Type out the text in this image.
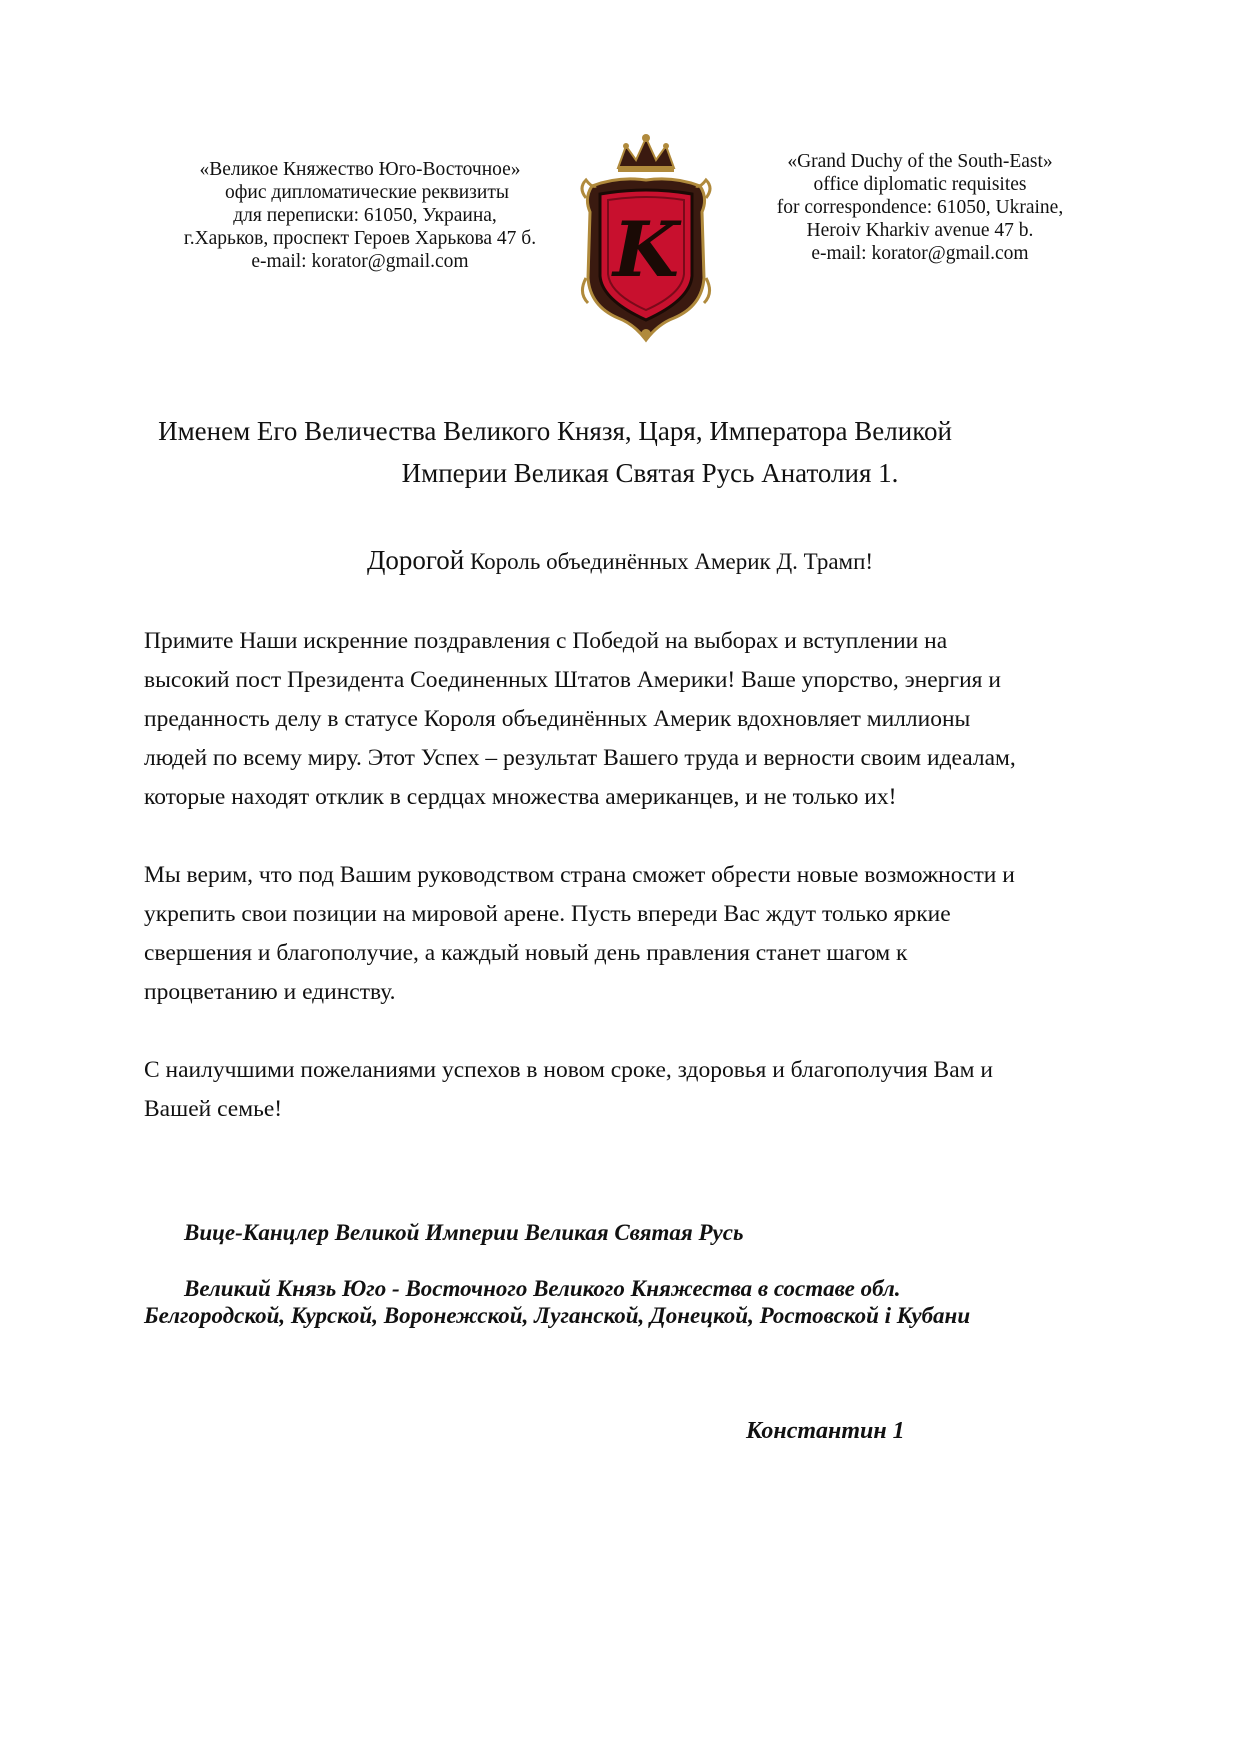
«Великое Княжество Юго-Восточное»
офис дипломатические реквизиты
для переписки: 61050, Украина,
г.Харьков, проспект Героев Харькова 47 б.
e-mail: korator@gmail.com	K
«Grand Duchy of the South-East»
office diplomatic requisites
for correspondence: 61050, Ukraine,
Heroiv Kharkiv avenue 47 b.
e-mail: korator@gmail.com
Именем Его Величества Великого Князя, Царя, Императора Великой
Империи Великая Святая Русь Анатолия 1.
Дорогой Король объединённых Америк Д. Трамп!

Примите Наши искренние поздравления с Победой на выборах и вступлении на
высокий пост Президента Соединенных Штатов Америки! Ваше упорство, энергия и
преданность делу в статусе Короля объединённых Америк вдохновляет миллионы
людей по всему миру. Этот Успех – результат Вашего труда и верности своим идеалам,
которые находят отклик в сердцах множества американцев, и не только их!

Мы верим, что под Вашим руководством страна сможет обрести новые возможности и
укрепить свои позиции на мировой арене. Пусть впереди Вас ждут только яркие
свершения и благополучие, а каждый новый день правления станет шагом к
процветанию и единству.

С наилучшими пожеланиями успехов в новом сроке, здоровья и благополучия Вам и
Вашей семье!

Вице-Канцлер Великой Империи Великая Святая Русь
Великий Князь Юго - Восточного Великого Княжества в составе обл.
Белгородской, Курской, Воронежской, Луганской, Донецкой, Ростовской і Кубани
Константин 1
